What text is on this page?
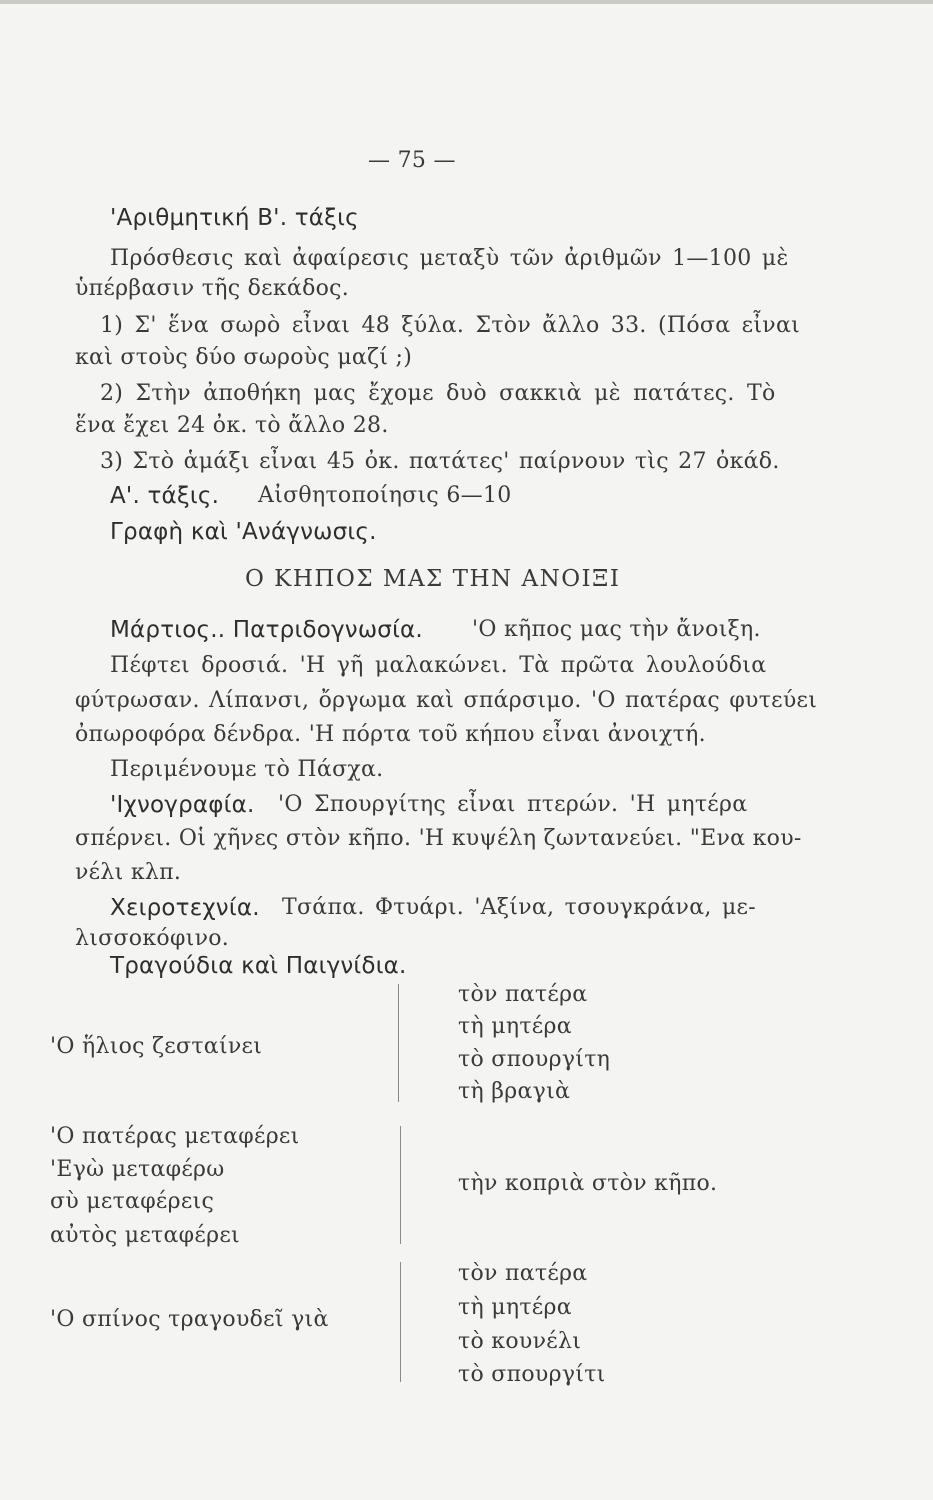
— 75 —
'Αριθμητική Β'. τάξις
Πρόσθεσις καὶ ἀφαίρεσις μεταξὺ τῶν ἀριθμῶν 1—100 μὲ
ὑπέρβασιν τῆς δεκάδος.
1) Σ' ἕνα σωρὸ εἶναι 48 ξύλα. Στὸν ἄλλο 33. (Πόσα εἶναι
καὶ στοὺς δύο σωροὺς μαζί ;)
2) Στὴν ἀποθήκη μας ἔχομε δυὸ σακκιὰ μὲ πατάτες. Τὸ
ἕνα ἔχει 24 ὀκ. τὸ ἄλλο 28.
3) Στὸ ἁμάξι εἶναι 45 ὀκ. πατάτες' παίρνουν τὶς 27 ὀκάδ.
Α'. τάξις. Αἰσθητοποίησις 6—10
Γραφὴ καὶ 'Ανάγνωσις.
Ο ΚΗΠΟΣ ΜΑΣ ΤΗΝ ΑΝΟΙΞΙ
Μάρτιος.. Πατριδογνωσία. 'Ο κῆπος μας τὴν ἄνοιξη.
Πέφτει δροσιά. 'Η γῆ μαλακώνει. Τὰ πρῶτα λουλούδια
φύτρωσαν. Λίπανσι, ὄργωμα καὶ σπάρσιμο. 'Ο πατέρας φυτεύει
ὀπωροφόρα δένδρα. 'Η πόρτα τοῦ κήπου εἶναι ἀνοιχτή.
Περιμένουμε τὸ Πάσχα.
'Ιχνογραφία. 'Ο Σπουργίτης εἶναι πτερών. 'Η μητέρα
σπέρνει. Οἱ χῆνες στὸν κῆπο. 'Η κυψέλη ζωντανεύει. "Ενα κου-
νέλι κλπ.
Χειροτεχνία. Τσάπα. Φτυάρι. 'Αξίνα, τσουγκράνα, με-
λισσοκόφινο.
Τραγούδια καὶ Παιγνίδια.
'Ο ἥλιος ζεσταίνει
τὸν πατέρα
τὴ μητέρα
τὸ σπουργίτη
τὴ βραγιὰ
'Ο πατέρας μεταφέρει
'Εγὼ μεταφέρω
σὺ μεταφέρεις
αὐτὸς μεταφέρει
τὴν κοπριὰ στὸν κῆπο.
'Ο σπίνος τραγουδεῖ γιὰ
τὸν πατέρα
τὴ μητέρα
τὸ κουνέλι
τὸ σπουργίτι
